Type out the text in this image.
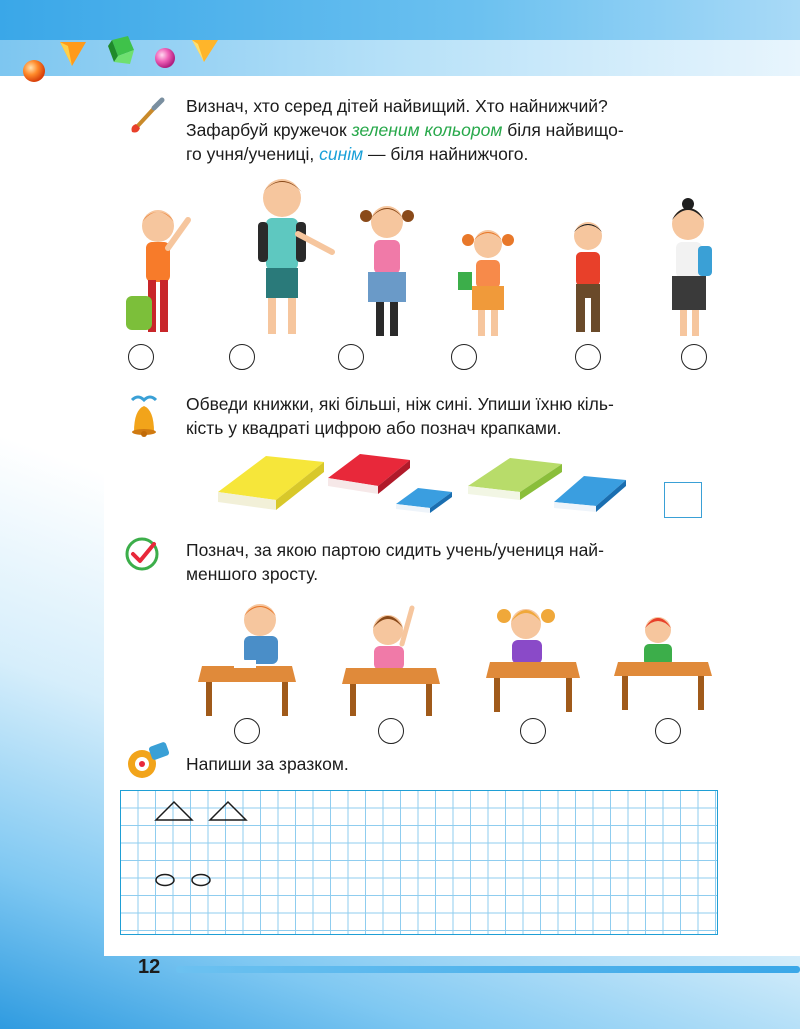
Визнач, хто серед дітей найвищий. Хто найнижчий?
Зафарбуй кружечок зеленим кольором біля найвищо-
го учня/учениці, синім — біля найнижчого.
Обведи книжки, які більші, ніж сині. Упиши їхню кіль-
кість у квадраті цифрою або познач крапками.
Познач, за якою партою сидить учень/учениця най-
меншого зросту.
Напиши за зразком.
12
